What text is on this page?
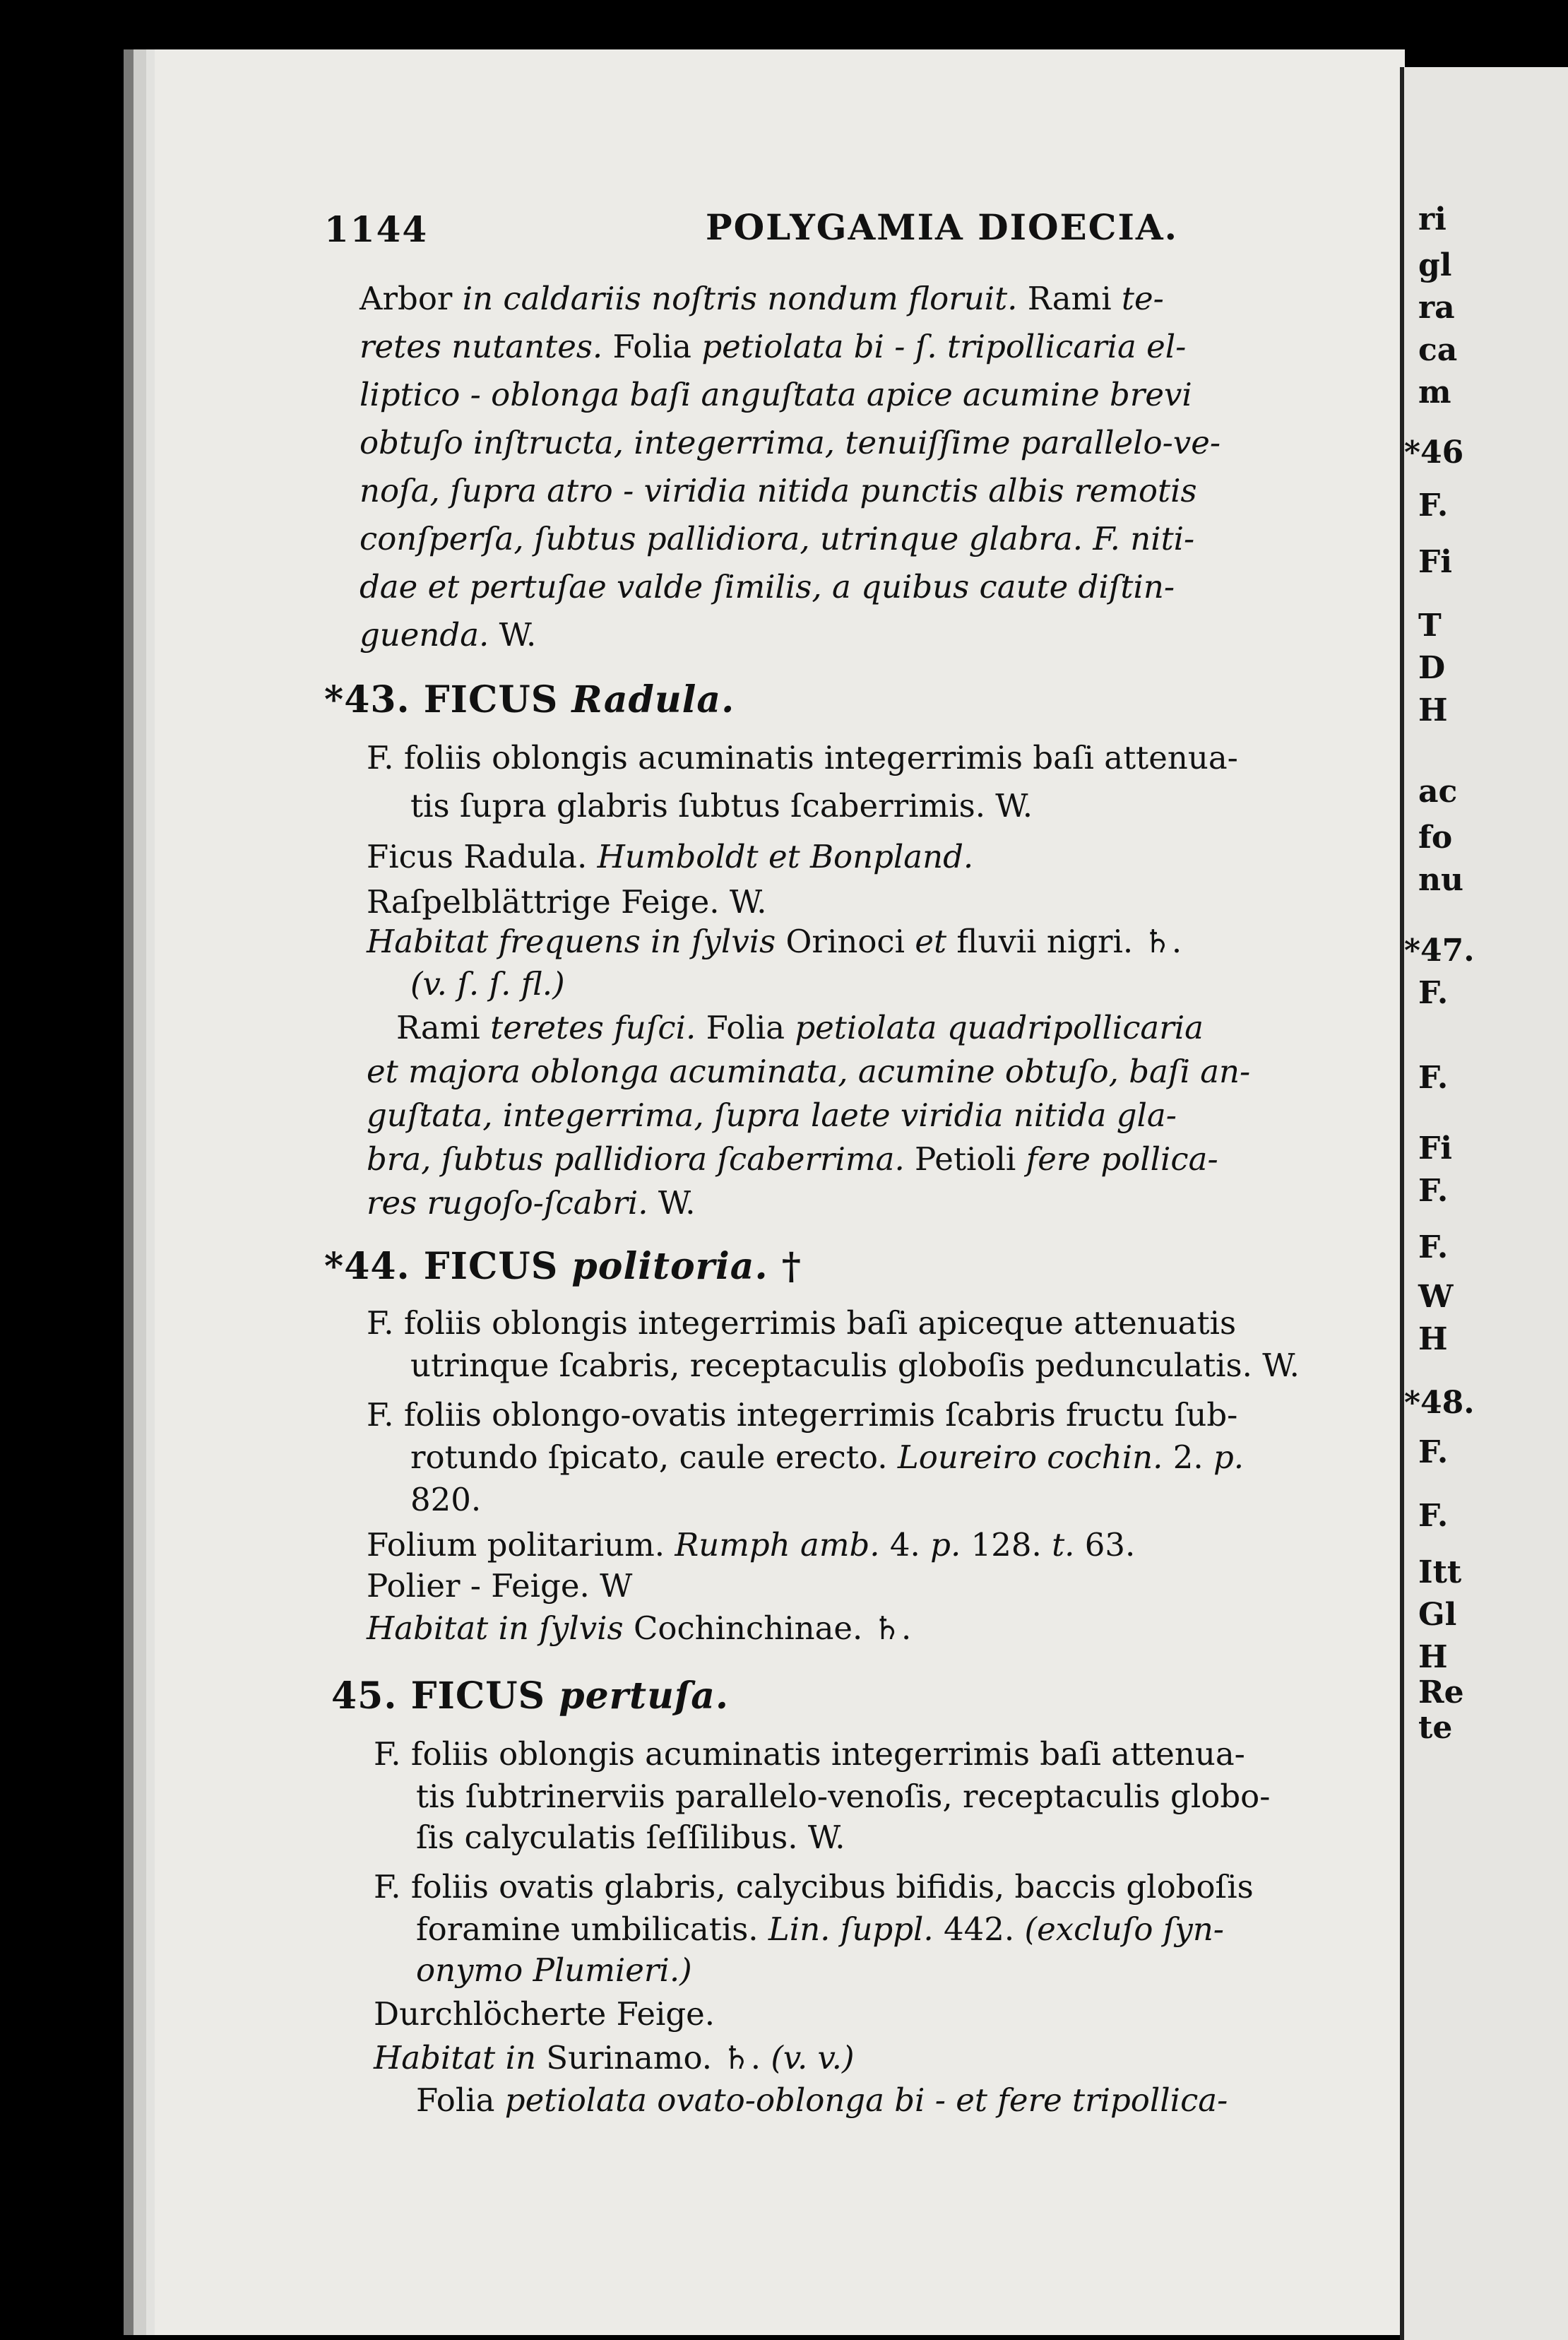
1144	POLYGAMIA DIOECIA.
Arbor in caldariis noſtris nondum floruit. Rami te-
retes nutantes. Folia petiolata bi - ſ. tripollicaria el-
liptico - oblonga baſi anguſtata apice acumine brevi
obtuſo inſtructa, integerrima, tenuiſſime parallelo-ve-
noſa, ſupra atro - viridia nitida punctis albis remotis
conſperſa, ſubtus pallidiora, utrinque glabra. F. niti-
dae et pertuſae valde ſimilis, a quibus caute diſtin-
guenda. W.
*43. FICUS Radula.
F. foliis oblongis acuminatis integerrimis baſi attenua-
tis ſupra glabris ſubtus ſcaberrimis. W.
Ficus Radula. Humboldt et Bonpland.
Raſpelblättrige Feige. W.
Habitat frequens in ſylvis Orinoci et fluvii nigri. ♄.
(v. ſ. ſ. fl.)
Rami teretes fuſci. Folia petiolata quadripollicaria
et majora oblonga acuminata, acumine obtuſo, baſi an-
guſtata, integerrima, ſupra laete viridia nitida gla-
bra, ſubtus pallidiora ſcaberrima. Petioli fere pollica-
res rugoſo-ſcabri. W.
*44. FICUS politoria. †
F. foliis oblongis integerrimis baſi apiceque attenuatis
utrinque ſcabris, receptaculis globoſis pedunculatis. W.
F. foliis oblongo-ovatis integerrimis ſcabris fructu ſub-
rotundo ſpicato, caule erecto. Loureiro cochin. 2. p.
820.
Folium politarium. Rumph amb. 4. p. 128. t. 63.
Polier - Feige. W
Habitat in ſylvis Cochinchinae. ♄.
45. FICUS pertuſa.
F. foliis oblongis acuminatis integerrimis baſi attenua-
tis ſubtrinerviis parallelo-venoſis, receptaculis globo-
ſis calyculatis ſeſſilibus. W.
F. foliis ovatis glabris, calycibus bifidis, baccis globoſis
foramine umbilicatis. Lin. ſuppl. 442. (excluſo ſyn-
onymo Plumieri.)
Durchlöcherte Feige.
Habitat in Surinamo. ♄. (v. v.)
Folia petiolata ovato-oblonga bi - et fere tripollica-
ri
gl
ra
ca
m
*46
F.
Fi
T
D
H
ac
fo
nu
*47.
F.
F.
Fi
F.
F.
W
H
*48.
F.
F.
Itt
Gl
H
Re
te
